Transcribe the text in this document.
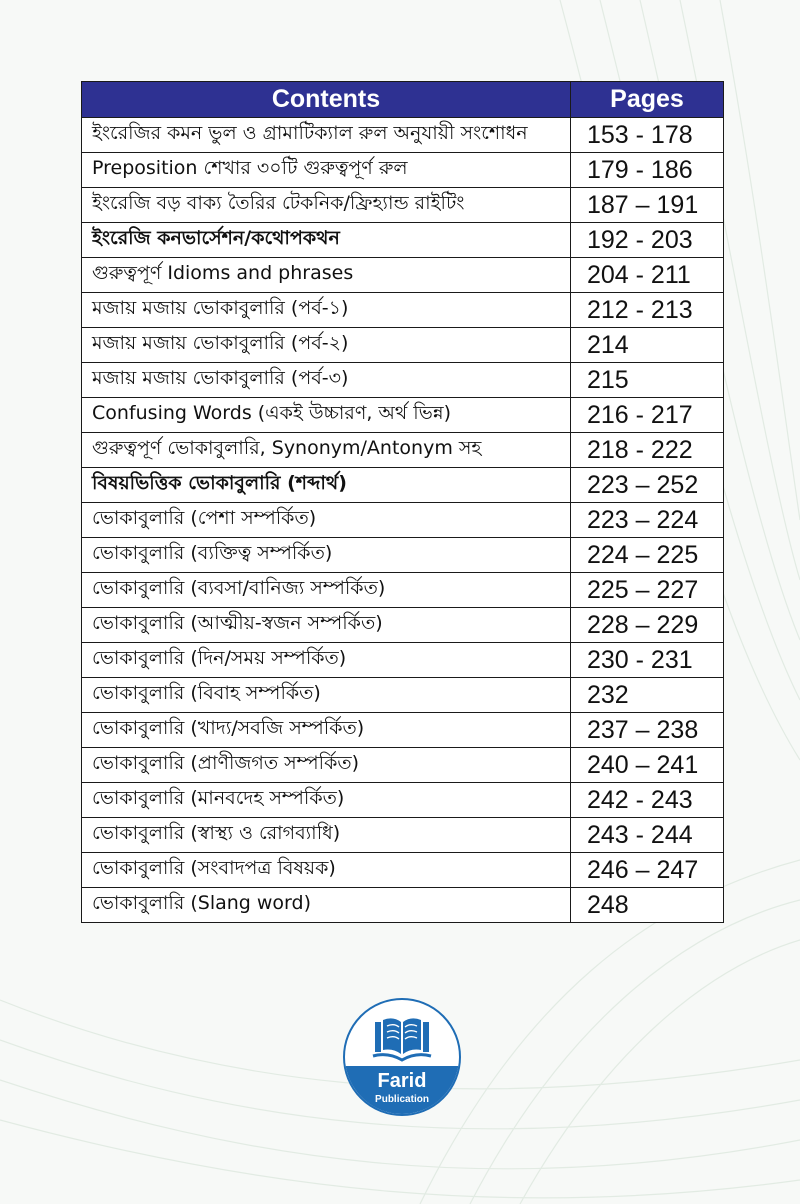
Contents	Pages
ইংরেজির কমন ভুল ও গ্রামাটিক্যাল রুল অনুযায়ী সংশোধন	153 - 178
Preposition শেখার ৩০টি গুরুত্বপূর্ণ রুল	179 - 186
ইংরেজি বড় বাক্য তৈরির টেকনিক/ফ্রিহ্যান্ড রাইটিং	187 – 191
ইংরেজি কনভার্সেশন/কথোপকথন	192 - 203
গুরুত্বপূর্ণ Idioms and phrases	204 - 211
মজায় মজায় ভোকাবুলারি (পর্ব-১)	212 - 213
মজায় মজায় ভোকাবুলারি (পর্ব-২)	214
মজায় মজায় ভোকাবুলারি (পর্ব-৩)	215
Confusing Words (একই উচ্চারণ, অর্থ ভিন্ন)	216 - 217
গুরুত্বপূর্ণ ভোকাবুলারি, Synonym/Antonym সহ	218 - 222
বিষয়ভিত্তিক ভোকাবুলারি (শব্দার্থ)	223 – 252
ভোকাবুলারি (পেশা সম্পর্কিত)	223 – 224
ভোকাবুলারি (ব্যক্তিত্ব সম্পর্কিত)	224 – 225
ভোকাবুলারি (ব্যবসা/বানিজ্য সম্পর্কিত)	225 – 227
ভোকাবুলারি (আত্মীয়-স্বজন সম্পর্কিত)	228 – 229
ভোকাবুলারি (দিন/সময় সম্পর্কিত)	230 - 231
ভোকাবুলারি (বিবাহ সম্পর্কিত)	232
ভোকাবুলারি (খাদ্য/সবজি সম্পর্কিত)	237 – 238
ভোকাবুলারি (প্রাণীজগত সম্পর্কিত)	240 – 241
ভোকাবুলারি (মানবদেহ সম্পর্কিত)	242 - 243
ভোকাবুলারি (স্বাস্থ্য ও রোগব্যাধি)	243 - 244
ভোকাবুলারি (সংবাদপত্র বিষয়ক)	246 – 247
ভোকাবুলারি (Slang word)	248
Farid
Publication
